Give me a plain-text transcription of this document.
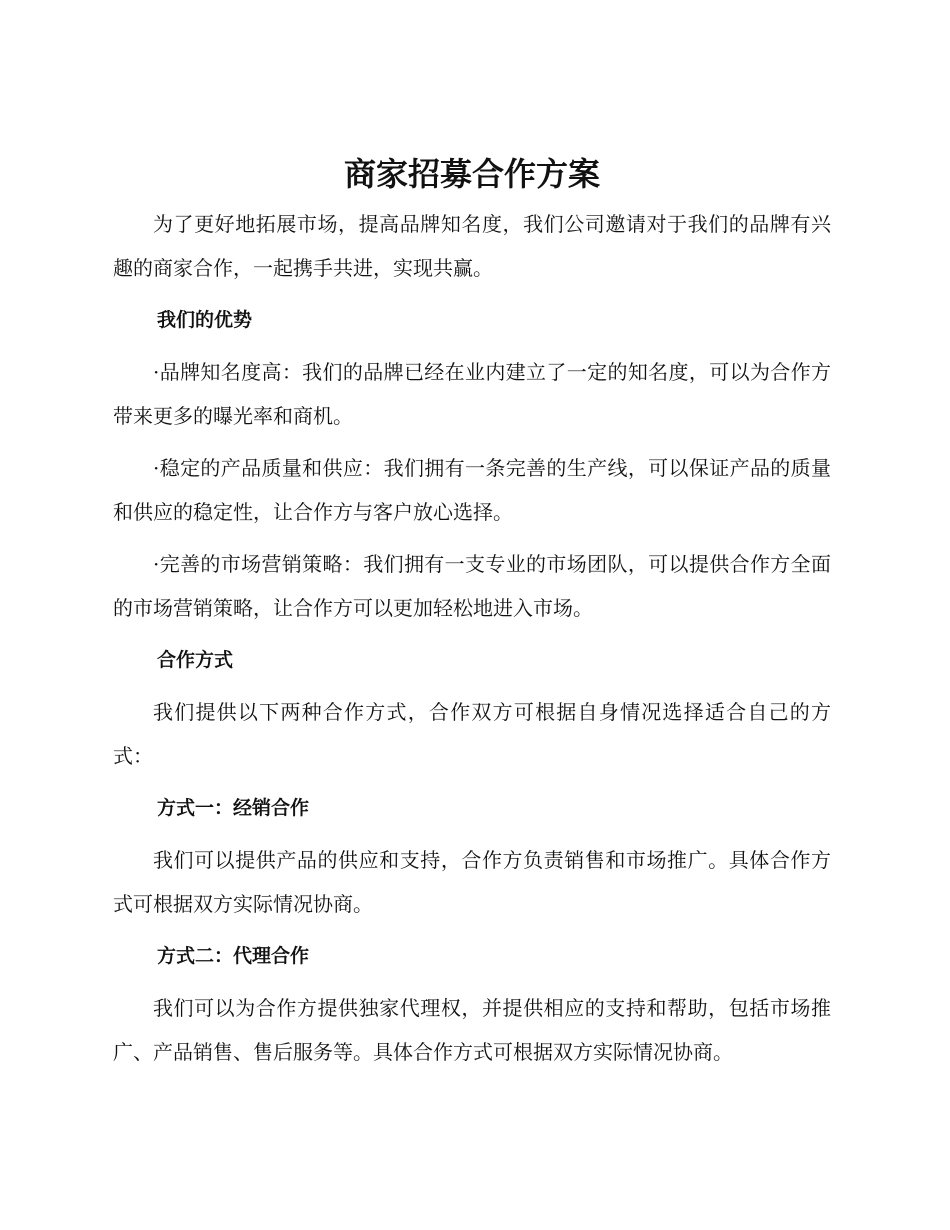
商家招募合作方案

为了更好地拓展市场，提高品牌知名度，我们公司邀请对于我们的品牌有兴趣的商家合作，一起携手共进，实现共赢。

我们的优势

·品牌知名度高：我们的品牌已经在业内建立了一定的知名度，可以为合作方带来更多的曝光率和商机。

·稳定的产品质量和供应：我们拥有一条完善的生产线，可以保证产品的质量和供应的稳定性，让合作方与客户放心选择。

·完善的市场营销策略：我们拥有一支专业的市场团队，可以提供合作方全面的市场营销策略，让合作方可以更加轻松地进入市场。

合作方式

我们提供以下两种合作方式，合作双方可根据自身情况选择适合自己的方式：

方式一：经销合作

我们可以提供产品的供应和支持，合作方负责销售和市场推广。具体合作方式可根据双方实际情况协商。

方式二：代理合作

我们可以为合作方提供独家代理权，并提供相应的支持和帮助，包括市场推广、产品销售、售后服务等。具体合作方式可根据双方实际情况协商。
